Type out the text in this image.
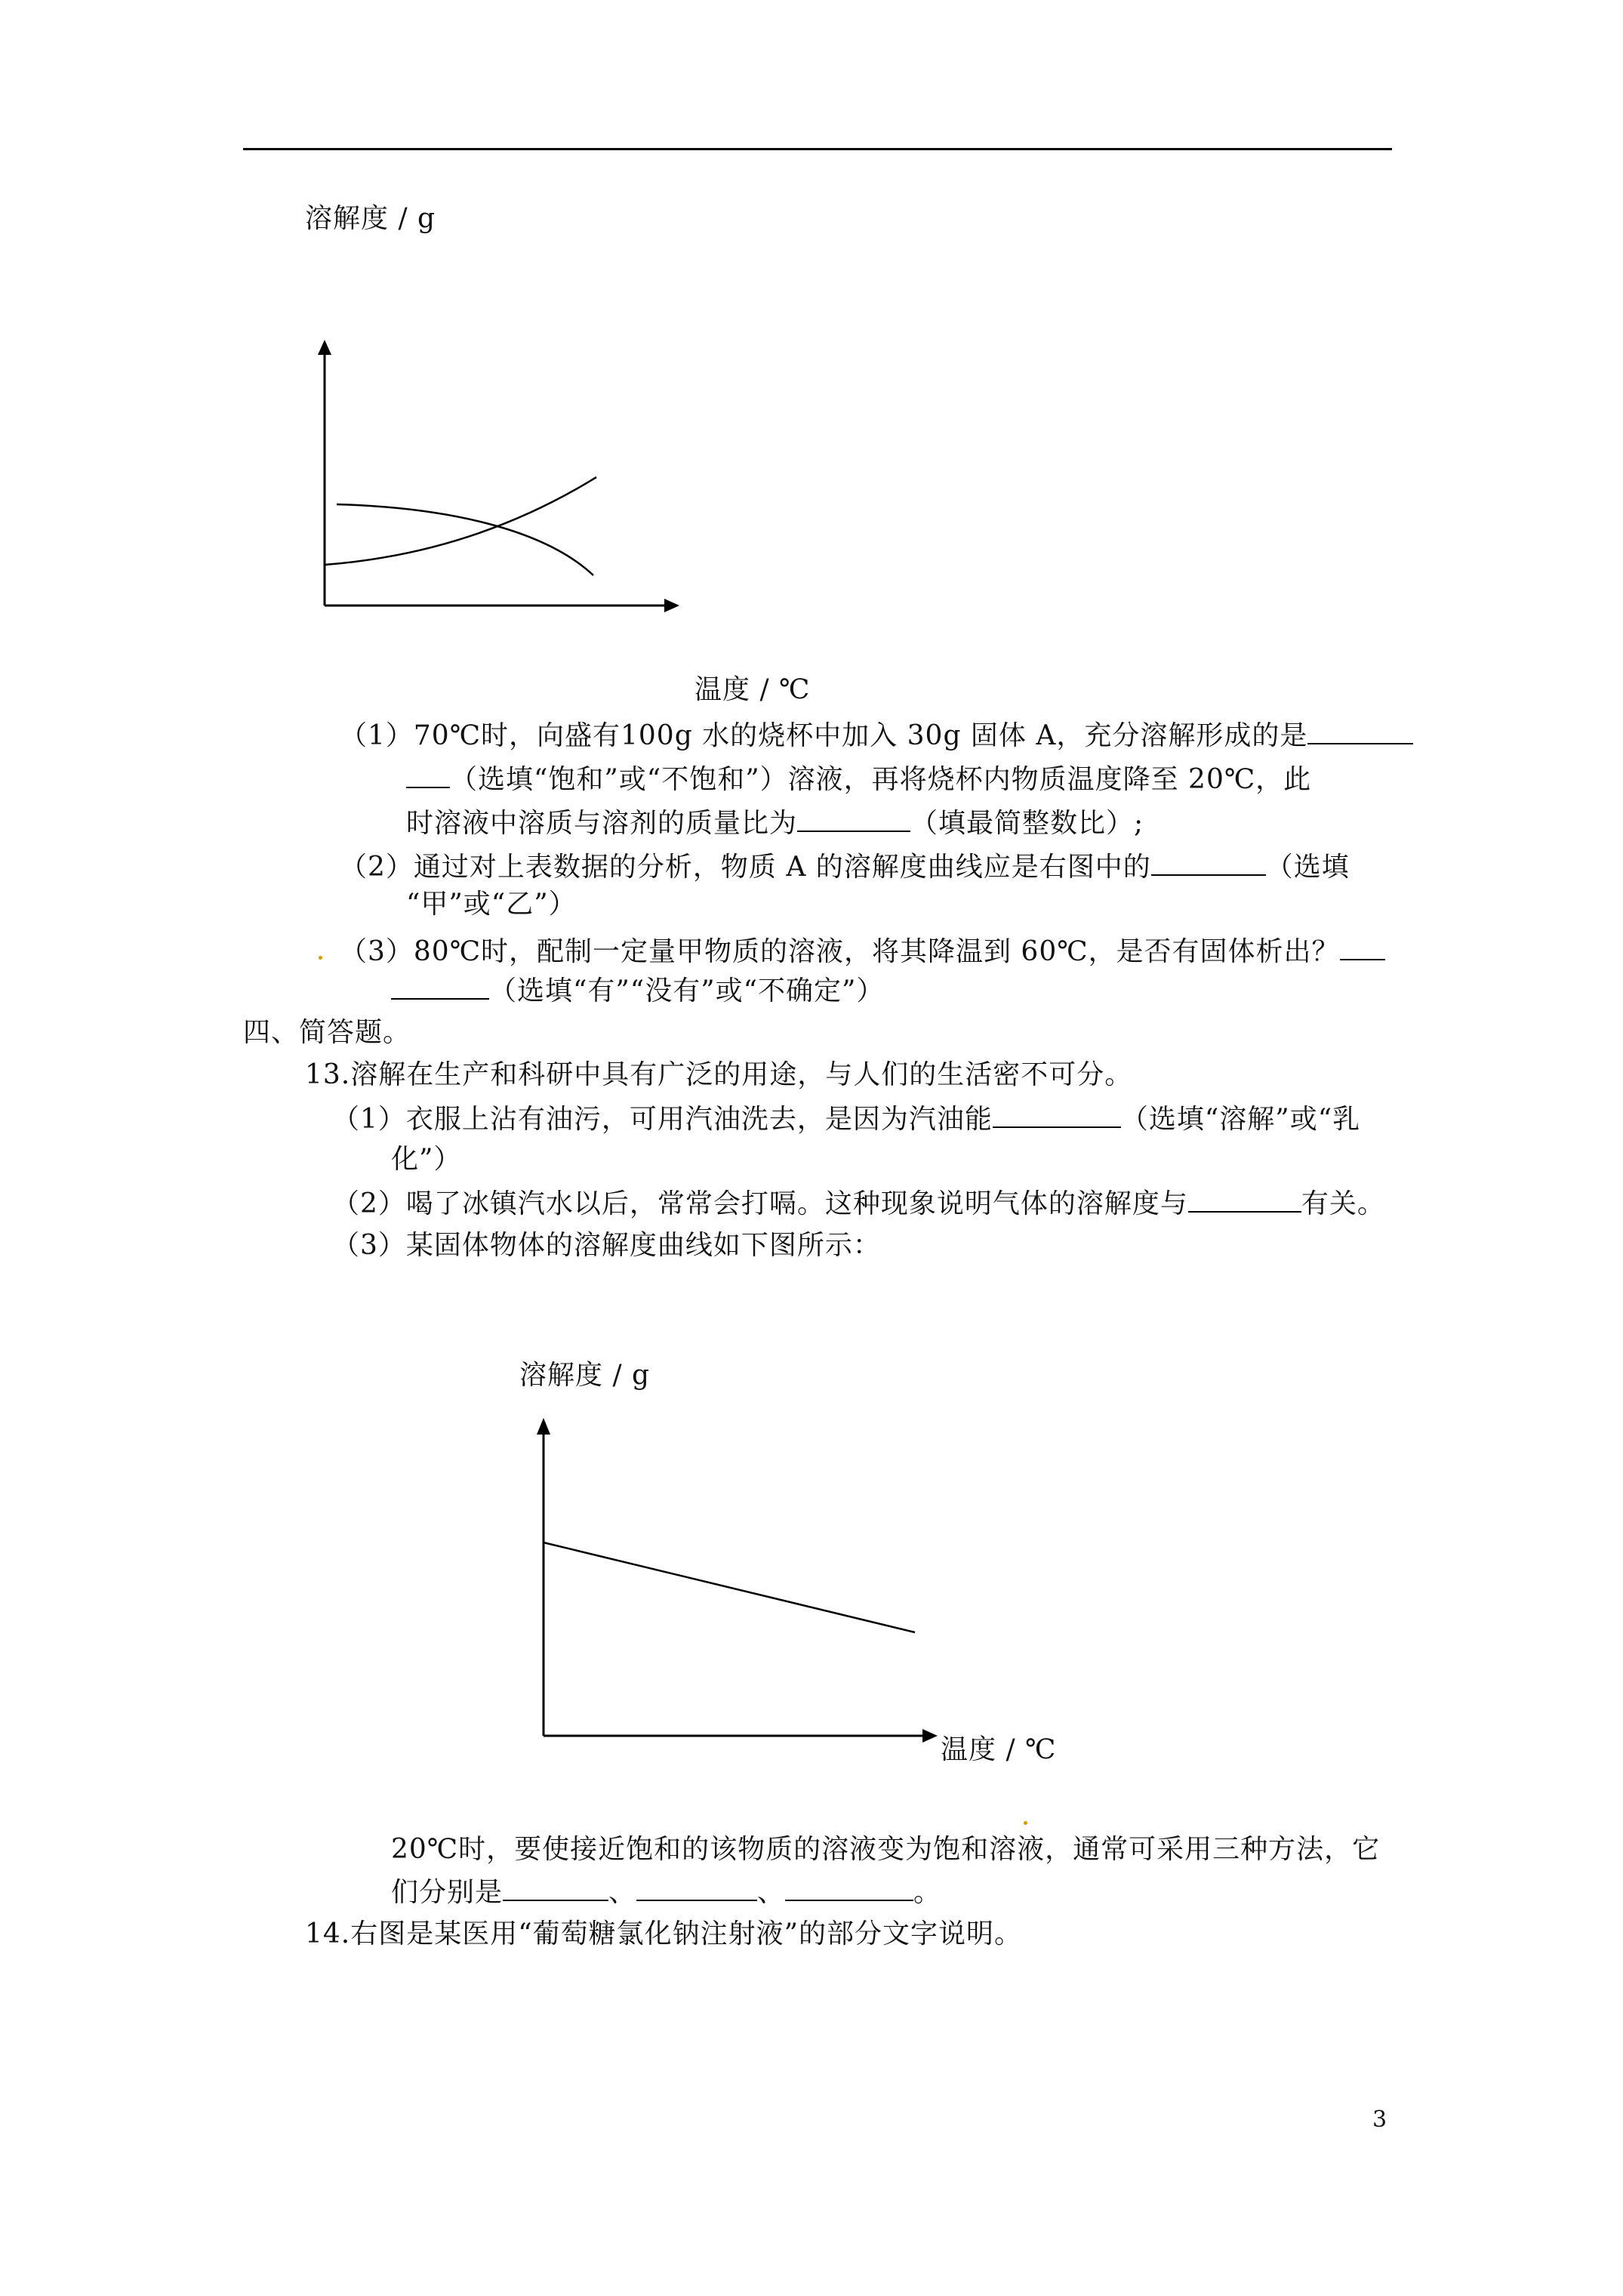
溶解度 / g
温度 / ℃
（1）70℃时，向盛有100g 水的烧杯中加入 30g 固体 A，充分溶解形成的是
（选填“饱和”或“不饱和”）溶液，再将烧杯内物质温度降至 20℃，此
时溶液中溶质与溶剂的质量比为	（填最简整数比）;
（2）通过对上表数据的分析，物质 A 的溶解度曲线应是右图中的	（选填
“甲”或“乙”）
（3）80℃时，配制一定量甲物质的溶液，将其降温到 60℃，是否有固体析出？
（选填“有”“没有”或“不确定”）
四、简答题。
13.溶解在生产和科研中具有广泛的用途，与人们的生活密不可分。
（1）衣服上沾有油污，可用汽油洗去，是因为汽油能	（选填“溶解”或“乳
化”）
（2）喝了冰镇汽水以后，常常会打嗝。这种现象说明气体的溶解度与	有关。
（3）某固体物体的溶解度曲线如下图所示：
溶解度 / g
温度 / ℃
20℃时，要使接近饱和的该物质的溶液变为饱和溶液，通常可采用三种方法，它
们分别是	、	、	。
14.右图是某医用“葡萄糖氯化钠注射液”的部分文字说明。
3
